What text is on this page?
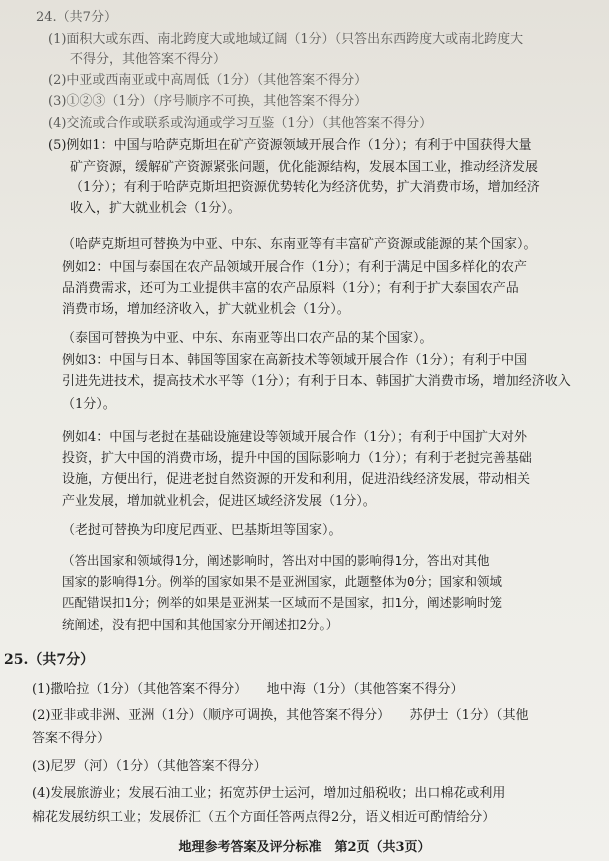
24.（共7分）
(1)面积大或东西、南北跨度大或地域辽阔（1分）（只答出东西跨度大或南北跨度大
不得分，其他答案不得分）
(2)中亚或西南亚或中高周低（1分）（其他答案不得分）
(3)①②③（1分）（序号顺序不可换，其他答案不得分）
(4)交流或合作或联系或沟通或学习互鉴（1分）（其他答案不得分）
(5)例如1：中国与哈萨克斯坦在矿产资源领域开展合作（1分）；有利于中国获得大量
矿产资源，缓解矿产资源紧张问题，优化能源结构，发展本国工业，推动经济发展
（1分）；有利于哈萨克斯坦把资源优势转化为经济优势，扩大消费市场，增加经济
收入，扩大就业机会（1分）。
（哈萨克斯坦可替换为中亚、中东、东南亚等有丰富矿产资源或能源的某个国家）。
例如2：中国与泰国在农产品领域开展合作（1分）；有利于满足中国多样化的农产
品消费需求，还可为工业提供丰富的农产品原料（1分）；有利于扩大泰国农产品
消费市场，增加经济收入，扩大就业机会（1分）。
（泰国可替换为中亚、中东、东南亚等出口农产品的某个国家）。
例如3：中国与日本、韩国等国家在高新技术等领域开展合作（1分）；有利于中国
引进先进技术，提高技术水平等（1分）；有利于日本、韩国扩大消费市场，增加经济收入
（1分）。
例如4：中国与老挝在基础设施建设等领域开展合作（1分）；有利于中国扩大对外
投资，扩大中国的消费市场，提升中国的国际影响力（1分）；有利于老挝完善基础
设施，方便出行，促进老挝自然资源的开发和利用，促进沿线经济发展，带动相关
产业发展，增加就业机会，促进区域经济发展（1分）。
（老挝可替换为印度尼西亚、巴基斯坦等国家）。
（答出国家和领域得1分，阐述影响时，答出对中国的影响得1分，答出对其他
国家的影响得1分。例举的国家如果不是亚洲国家，此题整体为0分；国家和领域
匹配错误扣1分；例举的如果是亚洲某一区域而不是国家，扣1分，阐述影响时笼
统阐述，没有把中国和其他国家分开阐述扣2分。）
25.（共7分）
(1)撒哈拉（1分）（其他答案不得分）　　地中海（1分）（其他答案不得分）
(2)亚非或非洲、亚洲（1分）（顺序可调换，其他答案不得分）　　苏伊士（1分）（其他
答案不得分）
(3)尼罗（河）（1分）（其他答案不得分）
(4)发展旅游业；发展石油工业；拓宽苏伊士运河，增加过船税收；出口棉花或利用
棉花发展纺织工业；发展侨汇（五个方面任答两点得2分，语义相近可酌情给分）
地理参考答案及评分标准　第2页（共3页）
